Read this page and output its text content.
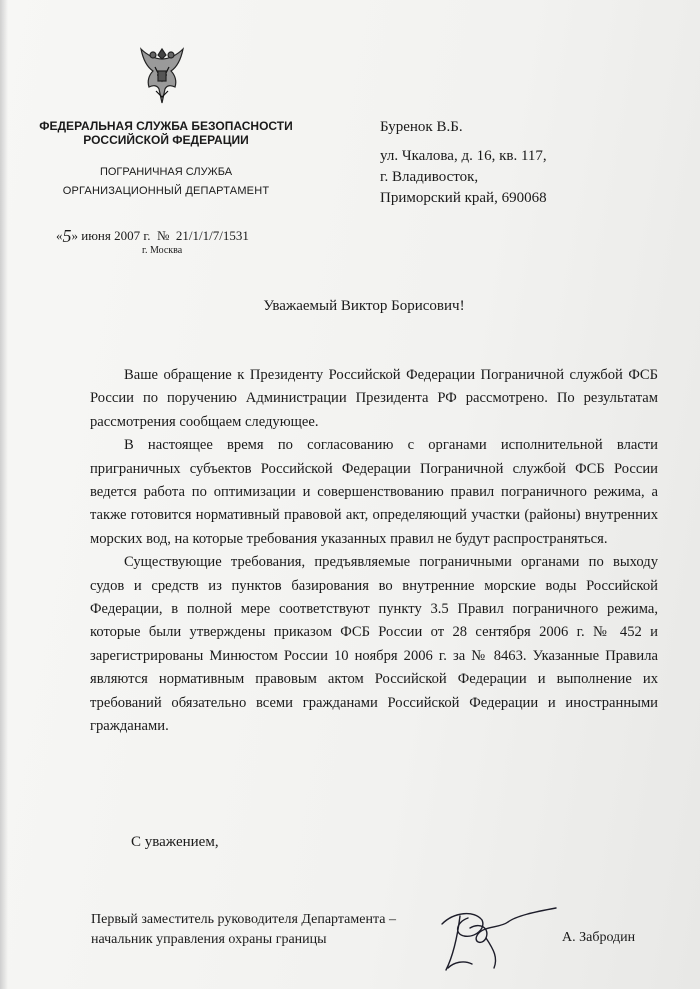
ФЕДЕРАЛЬНАЯ СЛУЖБА БЕЗОПАСНОСТИ
РОССИЙСКОЙ ФЕДЕРАЦИИ
ПОГРАНИЧНАЯ СЛУЖБА
ОРГАНИЗАЦИОННЫЙ ДЕПАРТАМЕНТ
«5» июня 2007 г. № 21/1/1/7/1531
г. Москва
Буренок В.Б.
ул. Чкалова, д. 16, кв. 117,
г. Владивосток,
Приморский край, 690068
Уважаемый Виктор Борисович!

Ваше обращение к Президенту Российской Федерации Пограничной службой ФСБ России по поручению Администрации Президента РФ рассмотрено. По результатам рассмотрения сообщаем следующее.

В настоящее время по согласованию с органами исполнительной власти приграничных субъектов Российской Федерации Пограничной службой ФСБ России ведется работа по оптимизации и совершенствованию правил пограничного режима, а также готовится нормативный правовой акт, определяющий участки (районы) внутренних морских вод, на которые требования указанных правил не будут распространяться.

Существующие требования, предъявляемые пограничными органами по выходу судов и средств из пунктов базирования во внутренние морские воды Российской Федерации, в полной мере соответствуют пункту 3.5 Правил пограничного режима, которые были утверждены приказом ФСБ России от 28 сентября 2006 г. № 452 и зарегистрированы Минюстом России 10 ноября 2006 г. за № 8463. Указанные Правила являются нормативным правовым актом Российской Федерации и выполнение их требований обязательно всеми гражданами Российской Федерации и иностранными гражданами.

С уважением,
Первый заместитель руководителя Департамента –
начальник управления охраны границы	А. Забродин
